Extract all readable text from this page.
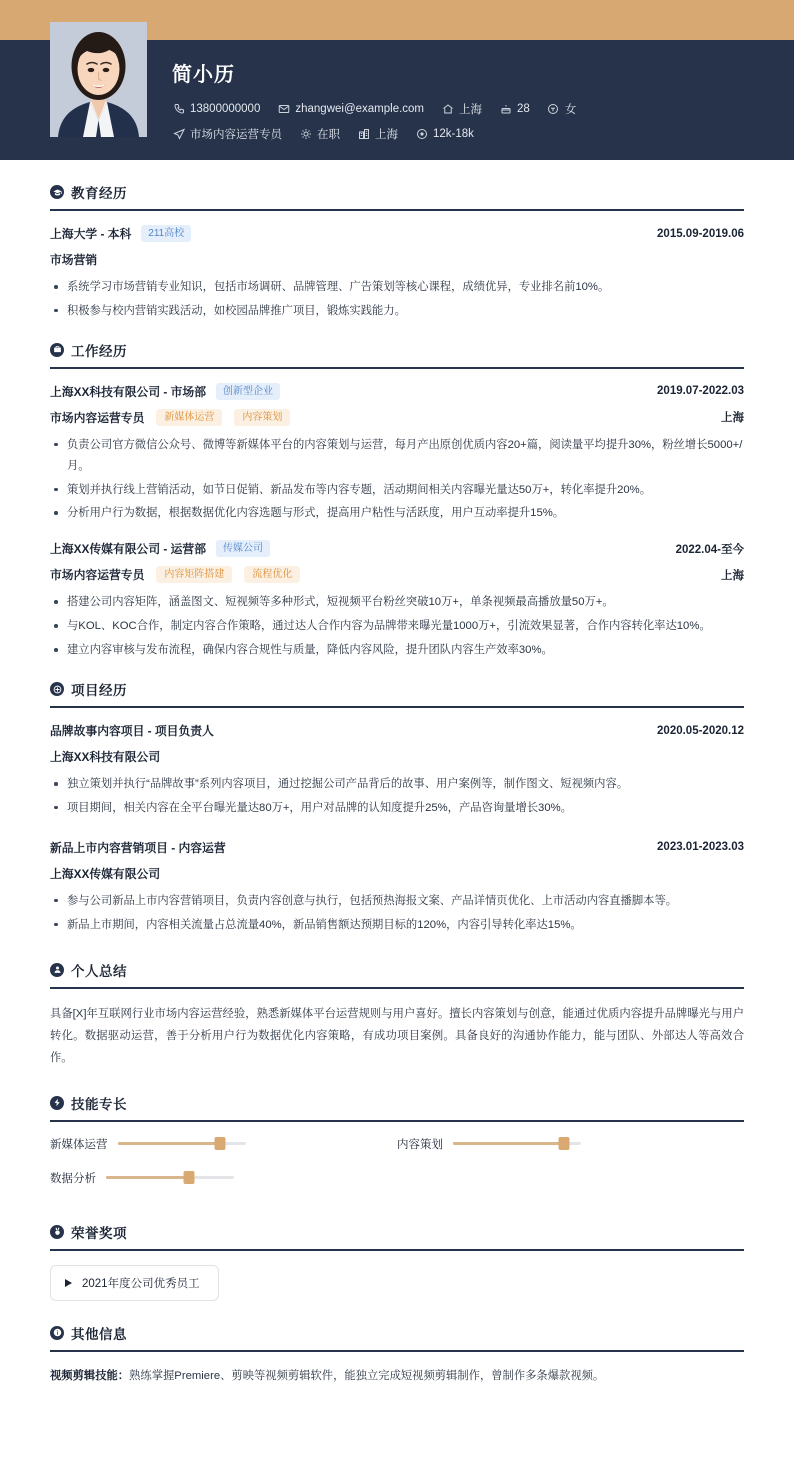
简小历
13800000000	zhangwei@example.com	上海	28	女
市场内容运营专员	在职	上海	12k-18k
教育经历
上海大学 - 本科	211高校	2015.09-2019.06
市场营销
系统学习市场营销专业知识，包括市场调研、品牌管理、广告策划等核心课程，成绩优异，专业排名前10%。
积极参与校内营销实践活动，如校园品牌推广项目，锻炼实践能力。
工作经历
上海XX科技有限公司 - 市场部	创新型企业	2019.07-2022.03
市场内容运营专员	新媒体运营	内容策划	上海
负责公司官方微信公众号、微博等新媒体平台的内容策划与运营，每月产出原创优质内容20+篇，阅读量平均提升30%，粉丝增长5000+/月。
策划并执行线上营销活动，如节日促销、新品发布等内容专题，活动期间相关内容曝光量达50万+，转化率提升20%。
分析用户行为数据，根据数据优化内容选题与形式，提高用户粘性与活跃度，用户互动率提升15%。
上海XX传媒有限公司 - 运营部	传媒公司	2022.04-至今
市场内容运营专员	内容矩阵搭建	流程优化	上海
搭建公司内容矩阵，涵盖图文、短视频等多种形式，短视频平台粉丝突破10万+，单条视频最高播放量50万+。
与KOL、KOC合作，制定内容合作策略，通过达人合作内容为品牌带来曝光量1000万+，引流效果显著，合作内容转化率达10%。
建立内容审核与发布流程，确保内容合规性与质量，降低内容风险，提升团队内容生产效率30%。
项目经历
品牌故事内容项目 - 项目负责人	2020.05-2020.12
上海XX科技有限公司
独立策划并执行“品牌故事”系列内容项目，通过挖掘公司产品背后的故事、用户案例等，制作图文、短视频内容。
项目期间，相关内容在全平台曝光量达80万+，用户对品牌的认知度提升25%，产品咨询量增长30%。
新品上市内容营销项目 - 内容运营	2023.01-2023.03
上海XX传媒有限公司
参与公司新品上市内容营销项目，负责内容创意与执行，包括预热海报文案、产品详情页优化、上市活动内容直播脚本等。
新品上市期间，内容相关流量占总流量40%，新品销售额达预期目标的120%，内容引导转化率达15%。
个人总结

具备[X]年互联网行业市场内容运营经验，熟悉新媒体平台运营规则与用户喜好。擅长内容策划与创意，能通过优质内容提升品牌曝光与用户转化。数据驱动运营，善于分析用户行为数据优化内容策略，有成功项目案例。具备良好的沟通协作能力，能与团队、外部达人等高效合作。

技能专长
新媒体运营	内容策划
数据分析
荣誉奖项
2021年度公司优秀员工
其他信息

视频剪辑技能：熟练掌握Premiere、剪映等视频剪辑软件，能独立完成短视频剪辑制作，曾制作多条爆款视频。
